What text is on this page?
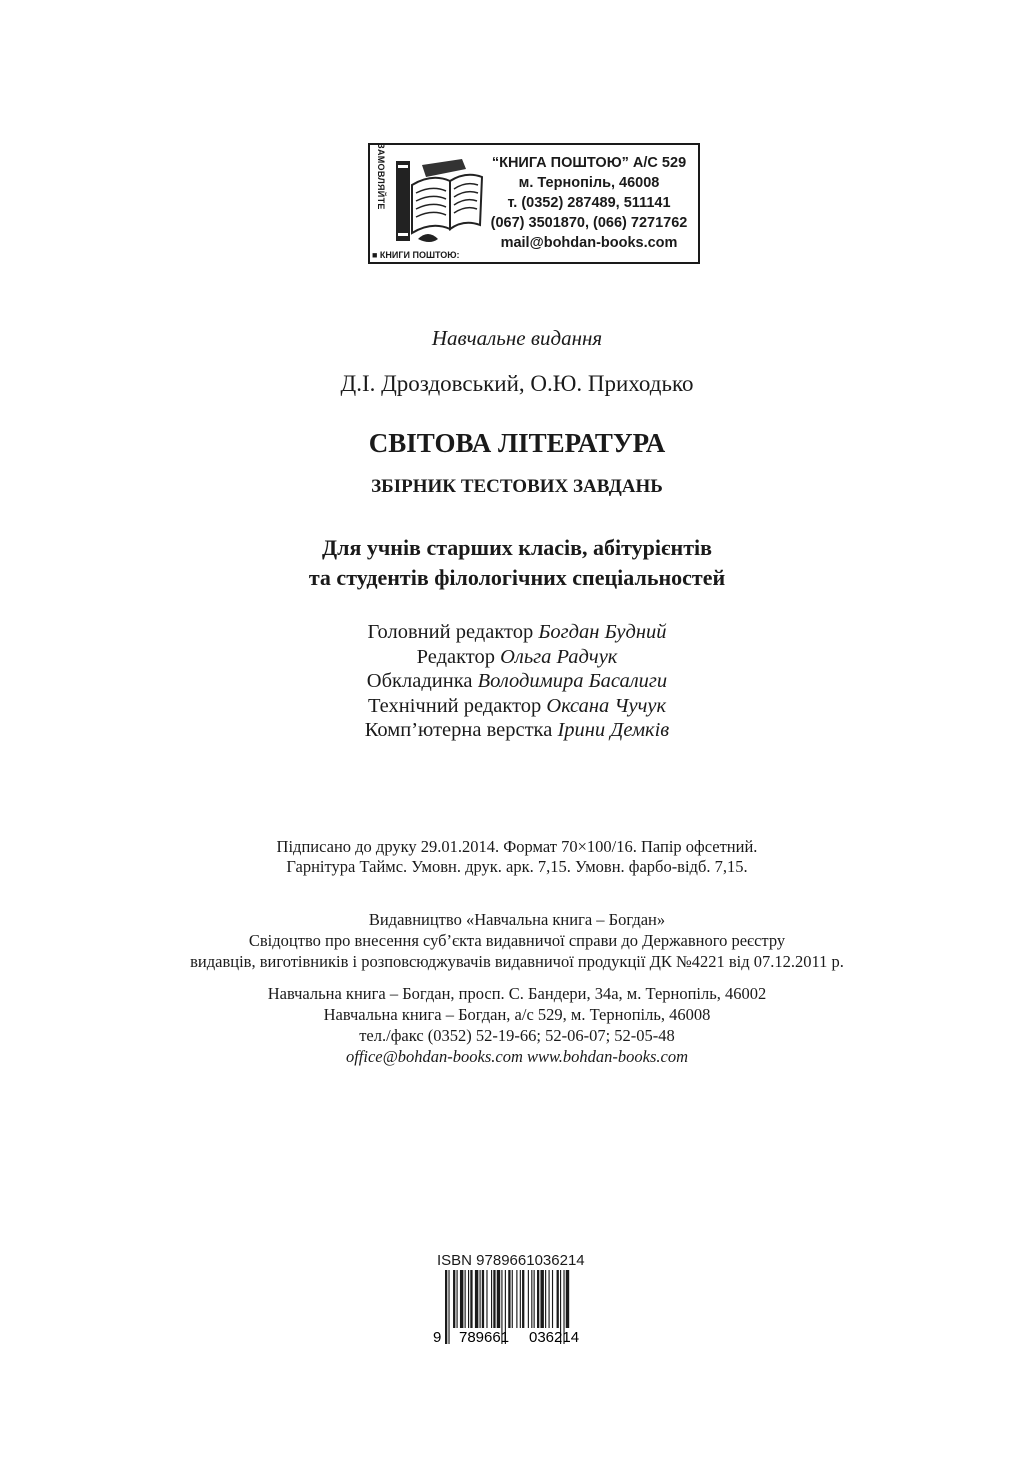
ЗАМОВЛЯЙТЕ	“КНИГА ПОШТОЮ” А/С 529
м. Тернопіль, 46008
т. (0352) 287489, 511141
(067) 3501870, (066) 7271762
mail@bohdan-books.com
■ КНИГИ ПОШТОЮ:
Навчальне видання
Д.І. Дроздовський, О.Ю. Приходько
СВІТОВА ЛІТЕРАТУРА
ЗБІРНИК ТЕСТОВИХ ЗАВДАНЬ
Для учнів старших класів, абітурієнтів
та студентів філологічних спеціальностей
Головний редактор Богдан Будний
Редактор Ольга Радчук
Обкладинка Володимира Басалиги
Технічний редактор Оксана Чучук
Комп’ютерна верстка Ірини Демків
Підписано до друку 29.01.2014. Формат 70×100/16. Папір офсетний.
Гарнітура Таймс. Умовн. друк. арк. 7,15. Умовн. фарбо-відб. 7,15.
Видавництво «Навчальна книга – Богдан»
Свідоцтво про внесення суб’єкта видавничої справи до Державного реєстру
видавців, виготівників і розповсюджувачів видавничої продукції ДК №4221 від 07.12.2011 р.
Навчальна книга – Богдан, просп. С. Бандери, 34а, м. Тернопіль, 46002
Навчальна книга – Богдан, а/с 529, м. Тернопіль, 46008
тел./факс (0352) 52-19-66; 52-06-07; 52-05-48
office@bohdan-books.com www.bohdan-books.com
ISBN 9789661036214
9 789661 036214
